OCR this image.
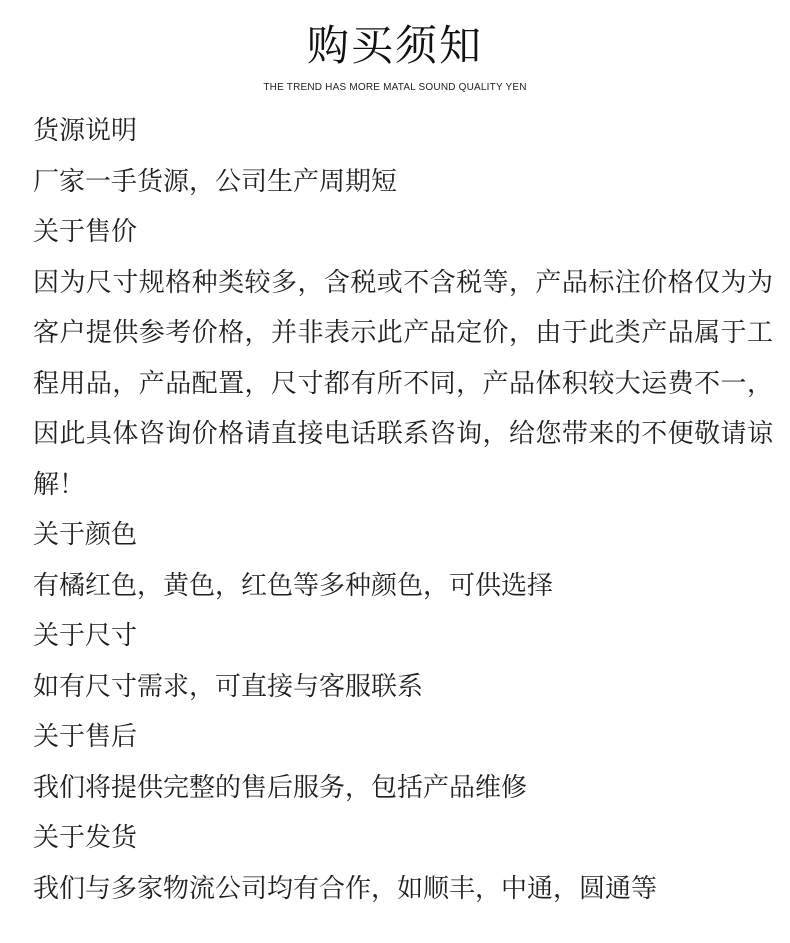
购买须知
THE TREND HAS MORE MATAL SOUND QUALITY YEN
货源说明
厂家一手货源，公司生产周期短
关于售价
因为尺寸规格种类较多，含税或不含税等，产品标注价格仅为为客户提供参考价格，并非表示此产品定价，由于此类产品属于工程用品，产品配置，尺寸都有所不同，产品体积较大运费不一，因此具体咨询价格请直接电话联系咨询，给您带来的不便敬请谅解！
关于颜色
有橘红色，黄色，红色等多种颜色，可供选择
关于尺寸
如有尺寸需求，可直接与客服联系
关于售后
我们将提供完整的售后服务，包括产品维修
关于发货
我们与多家物流公司均有合作，如顺丰，中通，圆通等
